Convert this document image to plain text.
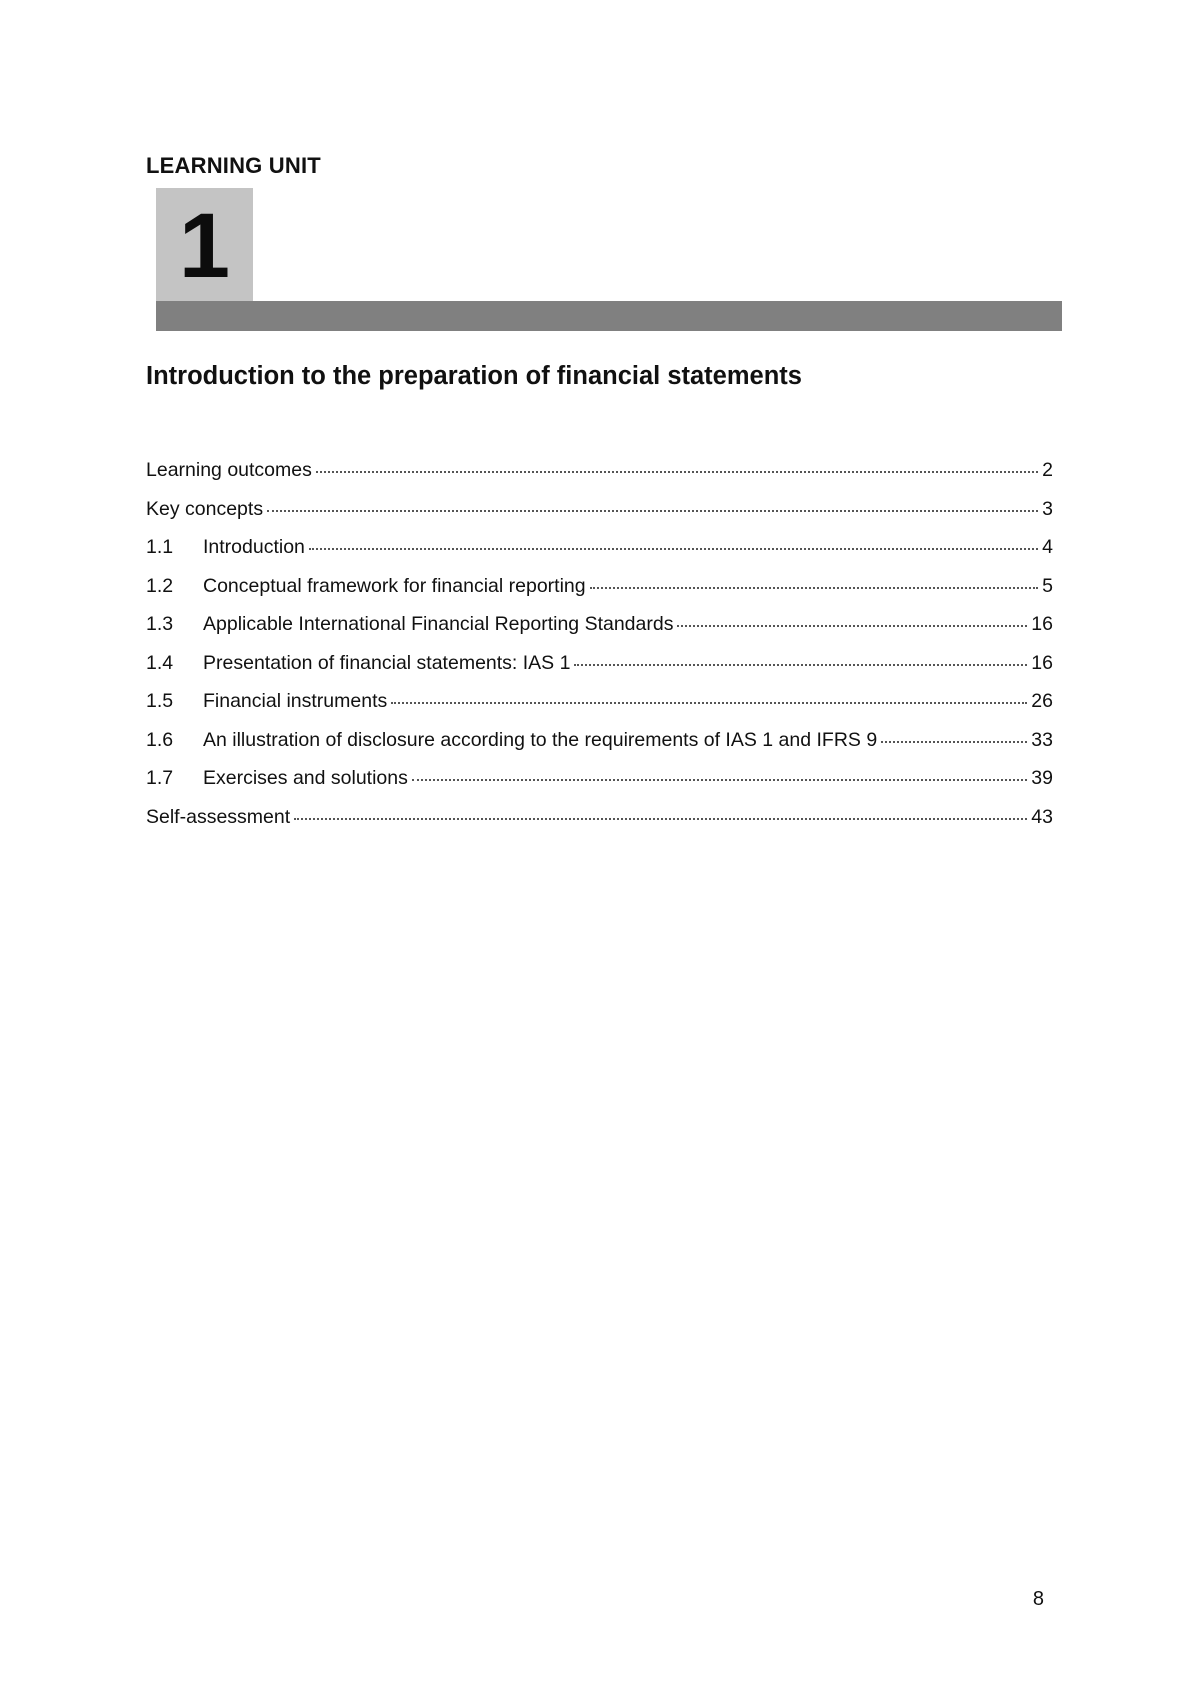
LEARNING UNIT
1
Introduction to the preparation of financial statements
Learning outcomes	2
Key concepts	3
1.1	Introduction	4
1.2	Conceptual framework for financial reporting	5
1.3	Applicable International Financial Reporting Standards	16
1.4	Presentation of financial statements: IAS 1	16
1.5	Financial instruments	26
1.6	An illustration of disclosure according to the requirements of IAS 1 and IFRS 9	33
1.7	Exercises and solutions	39
Self-assessment	43
8
